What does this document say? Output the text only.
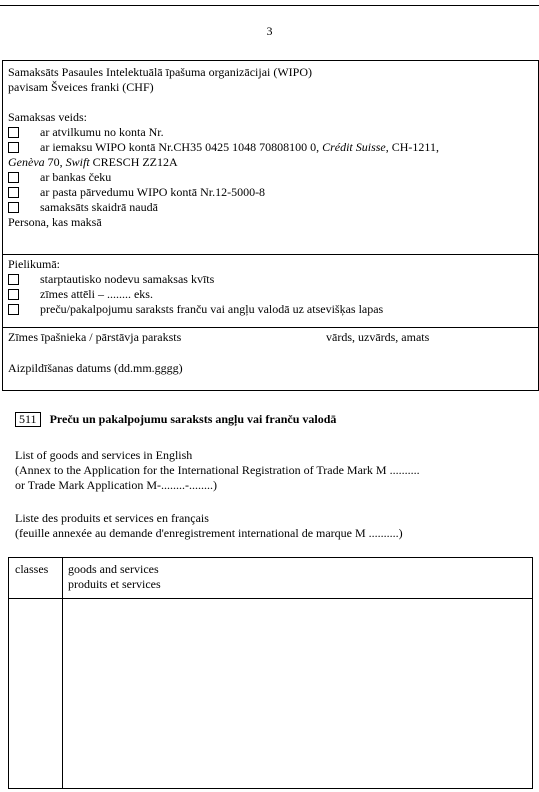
3
Samaksāts Pasaules Intelektuālā īpašuma organizācijai (WIPO)
pavisam Šveices franki (CHF)
Samaksas veids:
ar atvilkumu no konta Nr.
ar iemaksu WIPO kontā Nr.CH35 0425 1048 70808100 0, Crédit Suisse, CH-1211,
Genèva 70, Swift CRESCH ZZ12A
ar bankas čeku
ar pasta pārvedumu WIPO kontā Nr.12-5000-8
samaksāts skaidrā naudā
Persona, kas maksā
Pielikumā:
starptautisko nodevu samaksas kvīts
zīmes attēli – ........ eks.
preču/pakalpojumu saraksts franču vai angļu valodā uz atsevišķas lapas
Zīmes īpašnieka / pārstāvja paraksts	vārds, uzvārds, amats
Aizpildīšanas datums (dd.mm.gggg)
511 Preču un pakalpojumu saraksts angļu vai franču valodā
List of goods and services in English
(Annex to the Application for the International Registration of Trade Mark M ..........
or Trade Mark Application M-........-........)
Liste des produits et services en français
(feuille annexée au demande d'enregistrement international de marque M ..........)
classes goods and services
produits et services
